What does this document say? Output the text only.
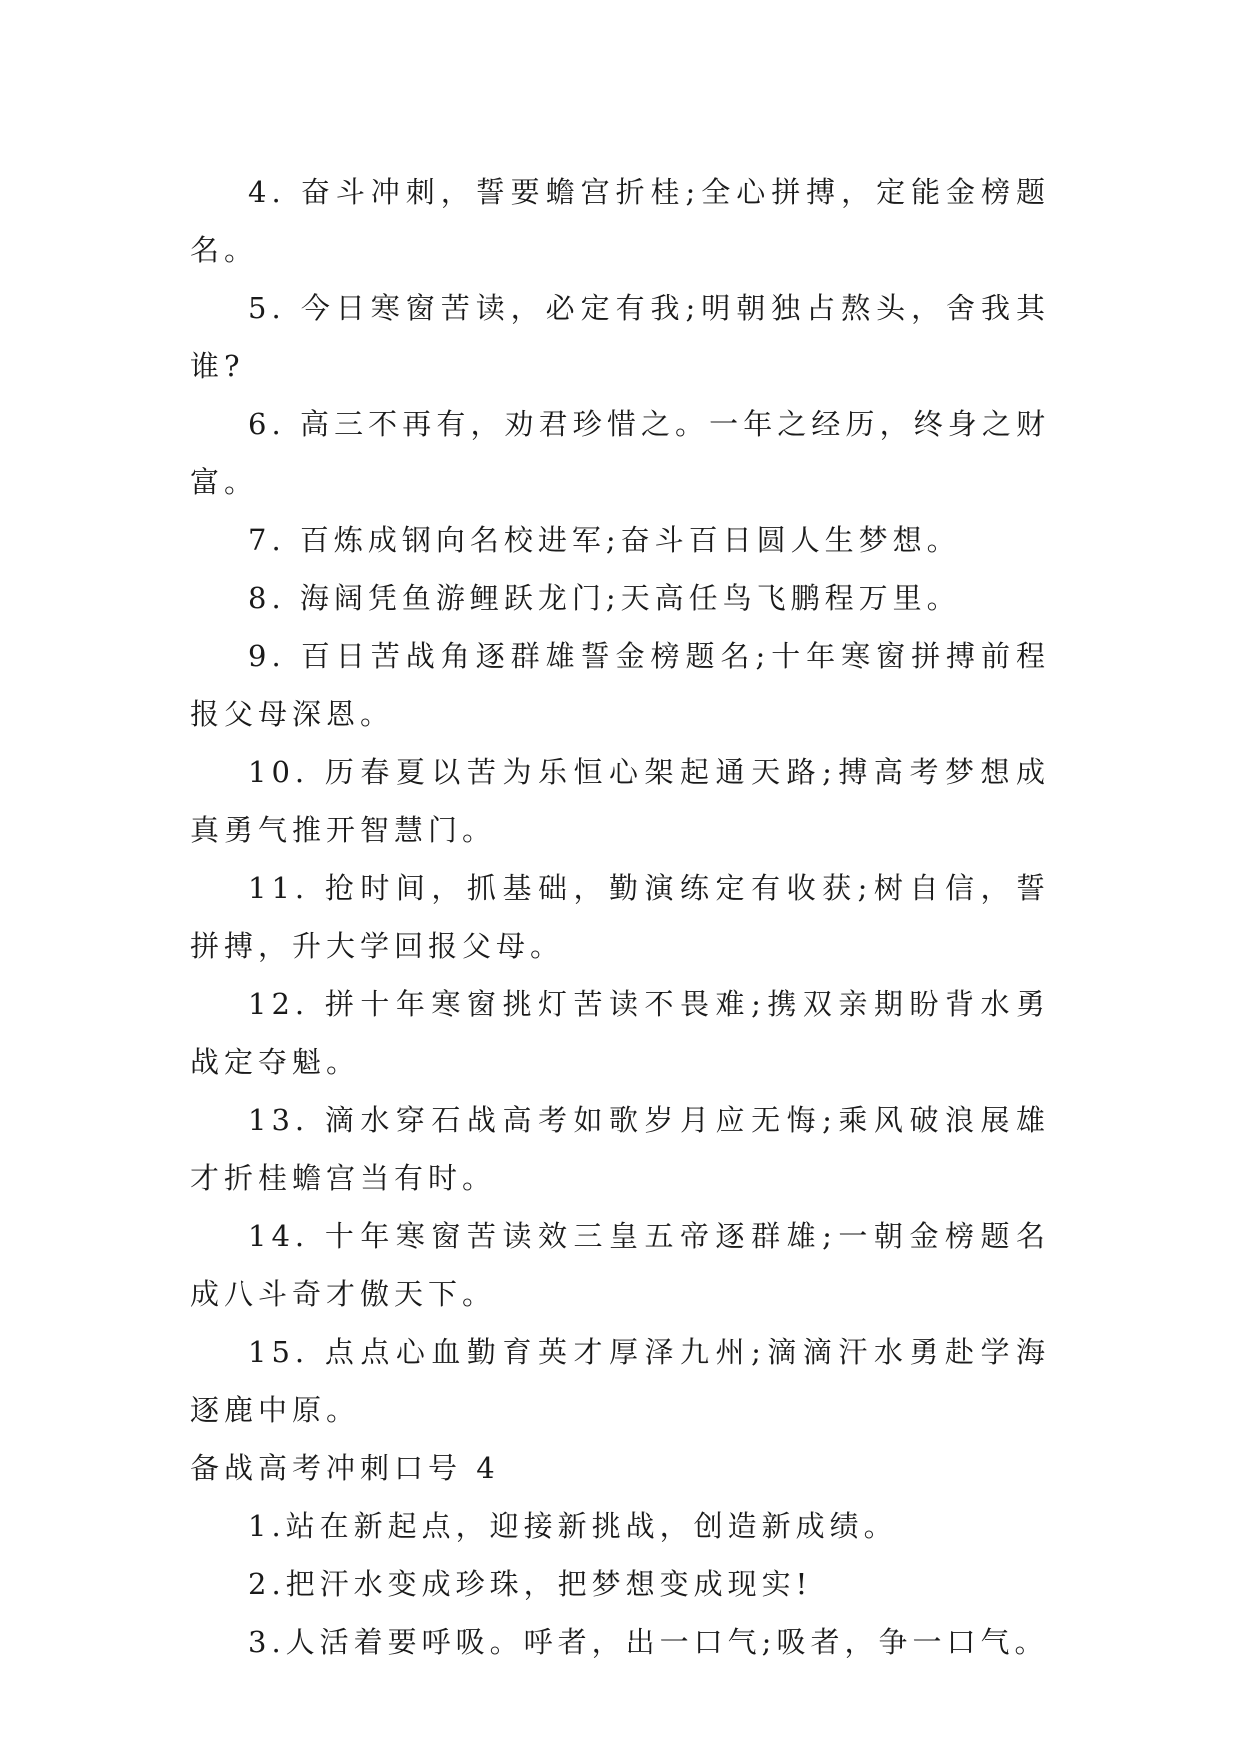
4. 奋斗冲刺，誓要蟾宫折桂;全心拼搏，定能金榜题名。

5. 今日寒窗苦读，必定有我;明朝独占熬头，舍我其谁?

6. 高三不再有，劝君珍惜之。一年之经历，终身之财富。

7. 百炼成钢向名校进军;奋斗百日圆人生梦想。

8. 海阔凭鱼游鲤跃龙门;天高任鸟飞鹏程万里。

9. 百日苦战角逐群雄誓金榜题名;十年寒窗拼搏前程报父母深恩。

10. 历春夏以苦为乐恒心架起通天路;搏高考梦想成真勇气推开智慧门。

11. 抢时间，抓基础，勤演练定有收获;树自信，誓拼搏，升大学回报父母。

12. 拼十年寒窗挑灯苦读不畏难;携双亲期盼背水勇战定夺魁。

13. 滴水穿石战高考如歌岁月应无悔;乘风破浪展雄才折桂蟾宫当有时。

14. 十年寒窗苦读效三皇五帝逐群雄;一朝金榜题名成八斗奇才傲天下。

15. 点点心血勤育英才厚泽九州;滴滴汗水勇赴学海逐鹿中原。

备战高考冲刺口号 4

1.站在新起点，迎接新挑战，创造新成绩。

2.把汗水变成珍珠，把梦想变成现实!

3.人活着要呼吸。呼者，出一口气;吸者，争一口气。
